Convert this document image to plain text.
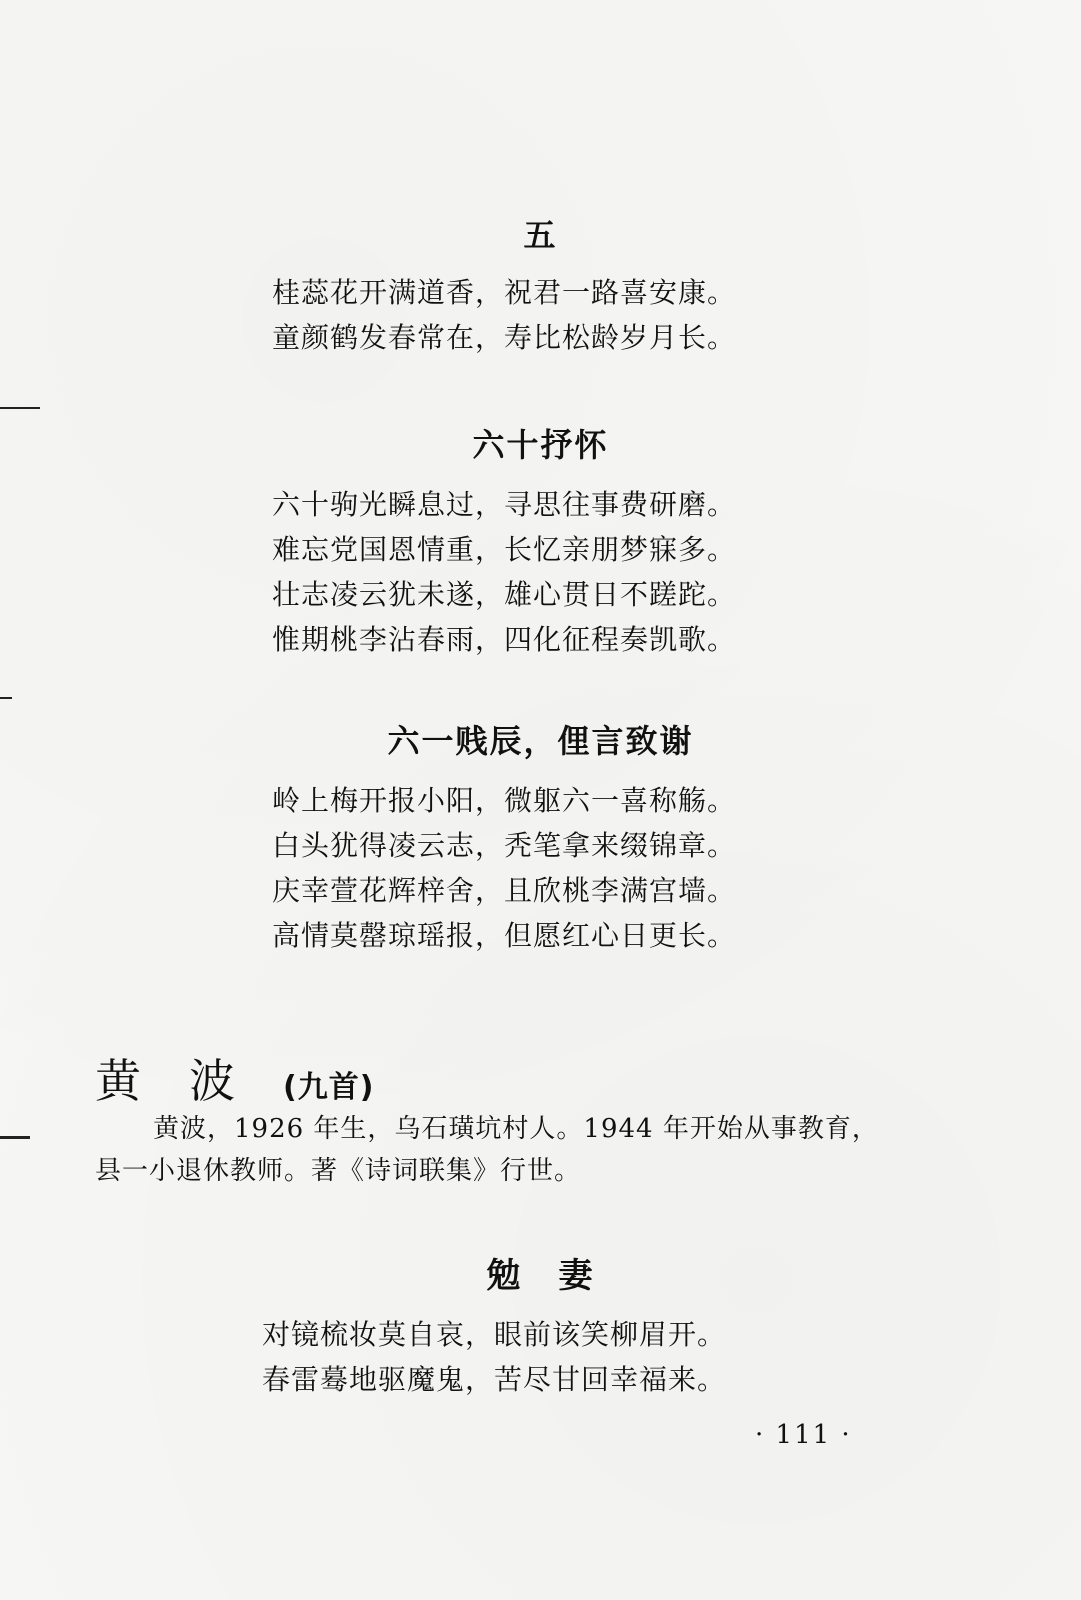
五
桂蕊花开满道香，祝君一路喜安康。
童颜鹤发春常在，寿比松龄岁月长。
六十抒怀
六十驹光瞬息过，寻思往事费研磨。
难忘党国恩情重，长忆亲朋梦寐多。
壮志凌云犹未遂，雄心贯日不蹉跎。
惟期桃李沾春雨，四化征程奏凯歌。
六一贱辰，俚言致谢
岭上梅开报小阳，微躯六一喜称觞。
白头犹得凌云志，秃笔拿来缀锦章。
庆幸萱花辉梓舍，且欣桃李满宫墙。
高情莫罄琼瑶报，但愿红心日更长。
黄波(九首)
黄波，1926 年生，乌石璜坑村人。1944 年开始从事教育，
县一小退休教师。著《诗词联集》行世。
勉　妻
对镜梳妆莫自哀，眼前该笑柳眉开。
春雷蓦地驱魔鬼，苦尽甘回幸福来。
· 111 ·
